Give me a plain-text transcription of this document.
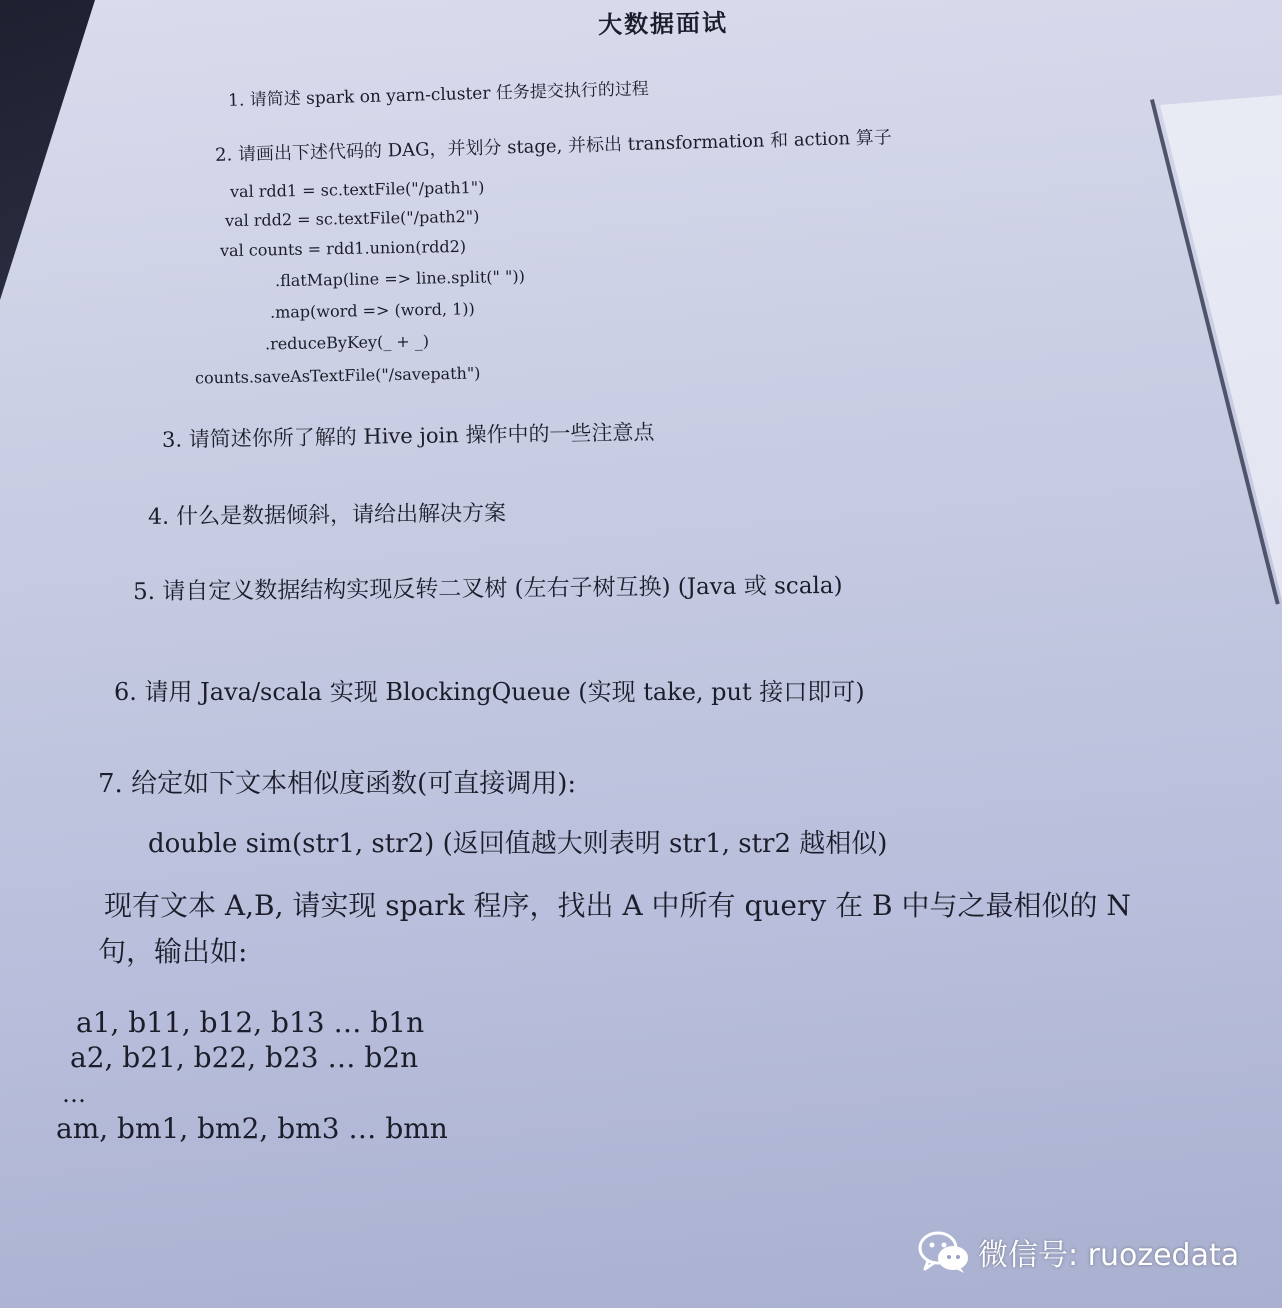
大数据面试
1. 请简述 spark on yarn-cluster 任务提交执行的过程
2. 请画出下述代码的 DAG，并划分 stage, 并标出 transformation 和 action 算子
val rdd1 = sc.textFile("/path1")
val rdd2 = sc.textFile("/path2")
val counts = rdd1.union(rdd2)
.flatMap(line => line.split(" "))
.map(word => (word, 1))
.reduceByKey(_ + _)
counts.saveAsTextFile("/savepath")
3. 请简述你所了解的 Hive join 操作中的一些注意点
4. 什么是数据倾斜，请给出解决方案
5. 请自定义数据结构实现反转二叉树 (左右子树互换) (Java 或 scala)
6. 请用 Java/scala 实现 BlockingQueue (实现 take, put 接口即可)
7. 给定如下文本相似度函数(可直接调用):
double sim(str1, str2) (返回值越大则表明 str1, str2 越相似)
现有文本 A,B, 请实现 spark 程序，找出 A 中所有 query 在 B 中与之最相似的 N
句，输出如:
a1, b11, b12, b13 … b1n
a2, b21, b22, b23 … b2n
…
am, bm1, bm2, bm3 … bmn
微信号: ruozedata
